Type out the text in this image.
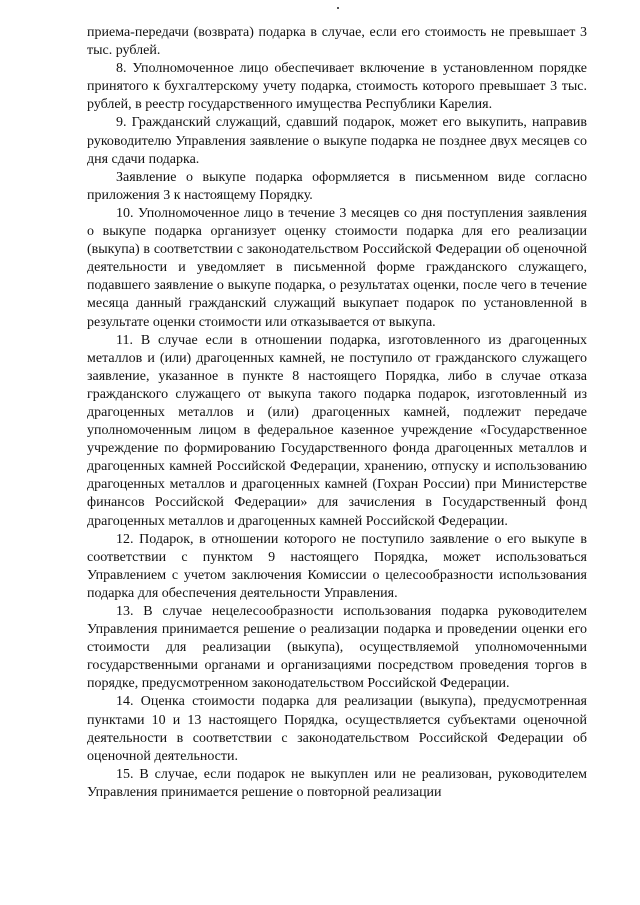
приема-передачи (возврата) подарка в случае, если его стоимость не превышает 3 тыс. рублей.

8. Уполномоченное лицо обеспечивает включение в установленном порядке принятого к бухгалтерскому учету подарка, стоимость которого превышает 3 тыс. рублей, в реестр государственного имущества Республики Карелия.

9. Гражданский служащий, сдавший подарок, может его выкупить, направив руководителю Управления заявление о выкупе подарка не позднее двух месяцев со дня сдачи подарка.

Заявление о выкупе подарка оформляется в письменном виде согласно приложения 3 к настоящему Порядку.

10. Уполномоченное лицо в течение 3 месяцев со дня поступления заявления о выкупе подарка организует оценку стоимости подарка для его реализации (выкупа) в соответствии с законодательством Российской Федерации об оценочной деятельности и уведомляет в письменной форме гражданского служащего, подавшего заявление о выкупе подарка, о результатах оценки, после чего в течение месяца данный гражданский служащий выкупает подарок по установленной в результате оценки стоимости или отказывается от выкупа.

11. В случае если в отношении подарка, изготовленного из драгоценных металлов и (или) драгоценных камней, не поступило от гражданского служащего заявление, указанное в пункте 8 настоящего Порядка, либо в случае отказа гражданского служащего от выкупа такого подарка подарок, изготовленный из драгоценных металлов и (или) драгоценных камней, подлежит передаче уполномоченным лицом в федеральное казенное учреждение «Государственное учреждение по формированию Государственного фонда драгоценных металлов и драгоценных камней Российской Федерации, хранению, отпуску и использованию драгоценных металлов и драгоценных камней (Гохран России) при Министерстве финансов Российской Федерации» для зачисления в Государственный фонд драгоценных металлов и драгоценных камней Российской Федерации.

12. Подарок, в отношении которого не поступило заявление о его выкупе в соответствии с пунктом 9 настоящего Порядка, может использоваться Управлением с учетом заключения Комиссии о целесообразности использования подарка для обеспечения деятельности Управления.

13. В случае нецелесообразности использования подарка руководителем Управления принимается решение о реализации подарка и проведении оценки его стоимости для реализации (выкупа), осуществляемой уполномоченными государственными органами и организациями посредством проведения торгов в порядке, предусмотренном законодательством Российской Федерации.

14. Оценка стоимости подарка для реализации (выкупа), предусмотренная пунктами 10 и 13 настоящего Порядка, осуществляется субъектами оценочной деятельности в соответствии с законодательством Российской Федерации об оценочной деятельности.

15. В случае, если подарок не выкуплен или не реализован, руководителем Управления принимается решение о повторной реализации
